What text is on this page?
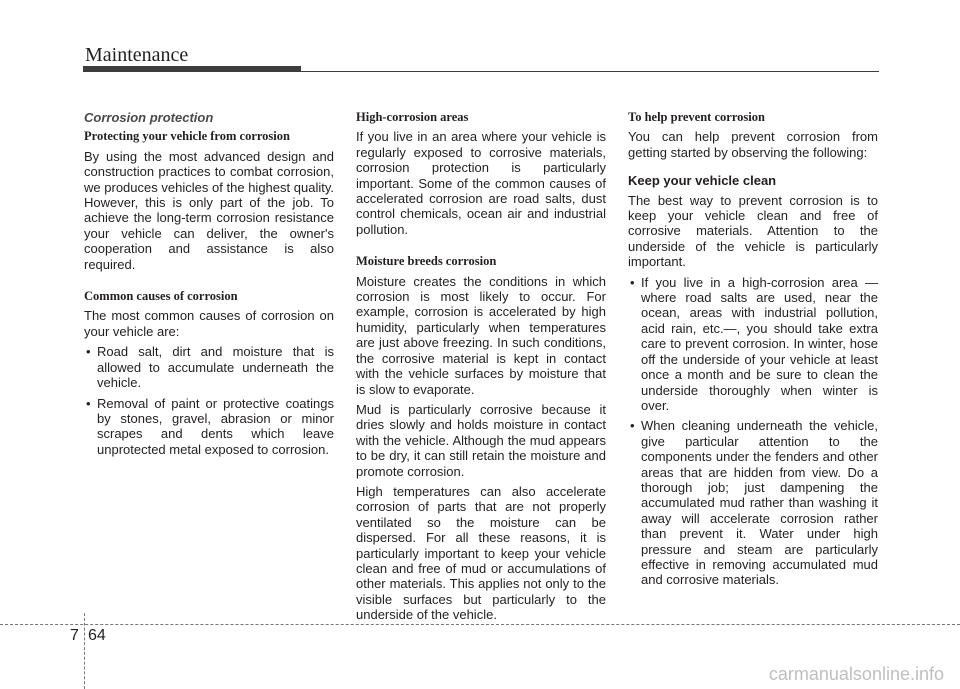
Maintenance
Corrosion protection
Protecting your vehicle from corrosion

By using the most advanced design and construction practices to combat corrosion, we produces vehicles of the highest quality. However, this is only part of the job. To achieve the long-term corrosion resistance your vehicle can deliver, the owner's cooperation and assistance is also required.

Common causes of corrosion

The most common causes of corrosion on your vehicle are:

• Road salt, dirt and moisture that is allowed to accumulate underneath the vehicle.
• Removal of paint or protective coatings by stones, gravel, abrasion or minor scrapes and dents which leave unprotected metal exposed to corrosion.
High-corrosion areas

If you live in an area where your vehicle is regularly exposed to corrosive materials, corrosion protection is particularly important. Some of the common causes of accelerated corrosion are road salts, dust control chemicals, ocean air and industrial pollution.

Moisture breeds corrosion

Moisture creates the conditions in which corrosion is most likely to occur. For example, corrosion is accelerated by high humidity, particularly when temperatures are just above freezing. In such conditions, the corrosive material is kept in contact with the vehicle surfaces by moisture that is slow to evaporate.

Mud is particularly corrosive because it dries slowly and holds moisture in contact with the vehicle. Although the mud appears to be dry, it can still retain the moisture and promote corrosion.

High temperatures can also accelerate corrosion of parts that are not properly ventilated so the moisture can be dispersed. For all these reasons, it is particularly important to keep your vehicle clean and free of mud or accumulations of other materials. This applies not only to the visible surfaces but particularly to the underside of the vehicle.

To help prevent corrosion

You can help prevent corrosion from getting started by observing the following:

Keep your vehicle clean

The best way to prevent corrosion is to keep your vehicle clean and free of corrosive materials. Attention to the underside of the vehicle is particularly important.

• If you live in a high-corrosion area — where road salts are used, near the ocean, areas with industrial pollution, acid rain, etc.—, you should take extra care to prevent corrosion. In winter, hose off the underside of your vehicle at least once a month and be sure to clean the underside thoroughly when winter is over.
• When cleaning underneath the vehicle, give particular attention to the components under the fenders and other areas that are hidden from view. Do a thorough job; just dampening the accumulated mud rather than washing it away will accelerate corrosion rather than prevent it. Water under high pressure and steam are particularly effective in removing accumulated mud and corrosive materials.
7 64
carmanualsonline.info
